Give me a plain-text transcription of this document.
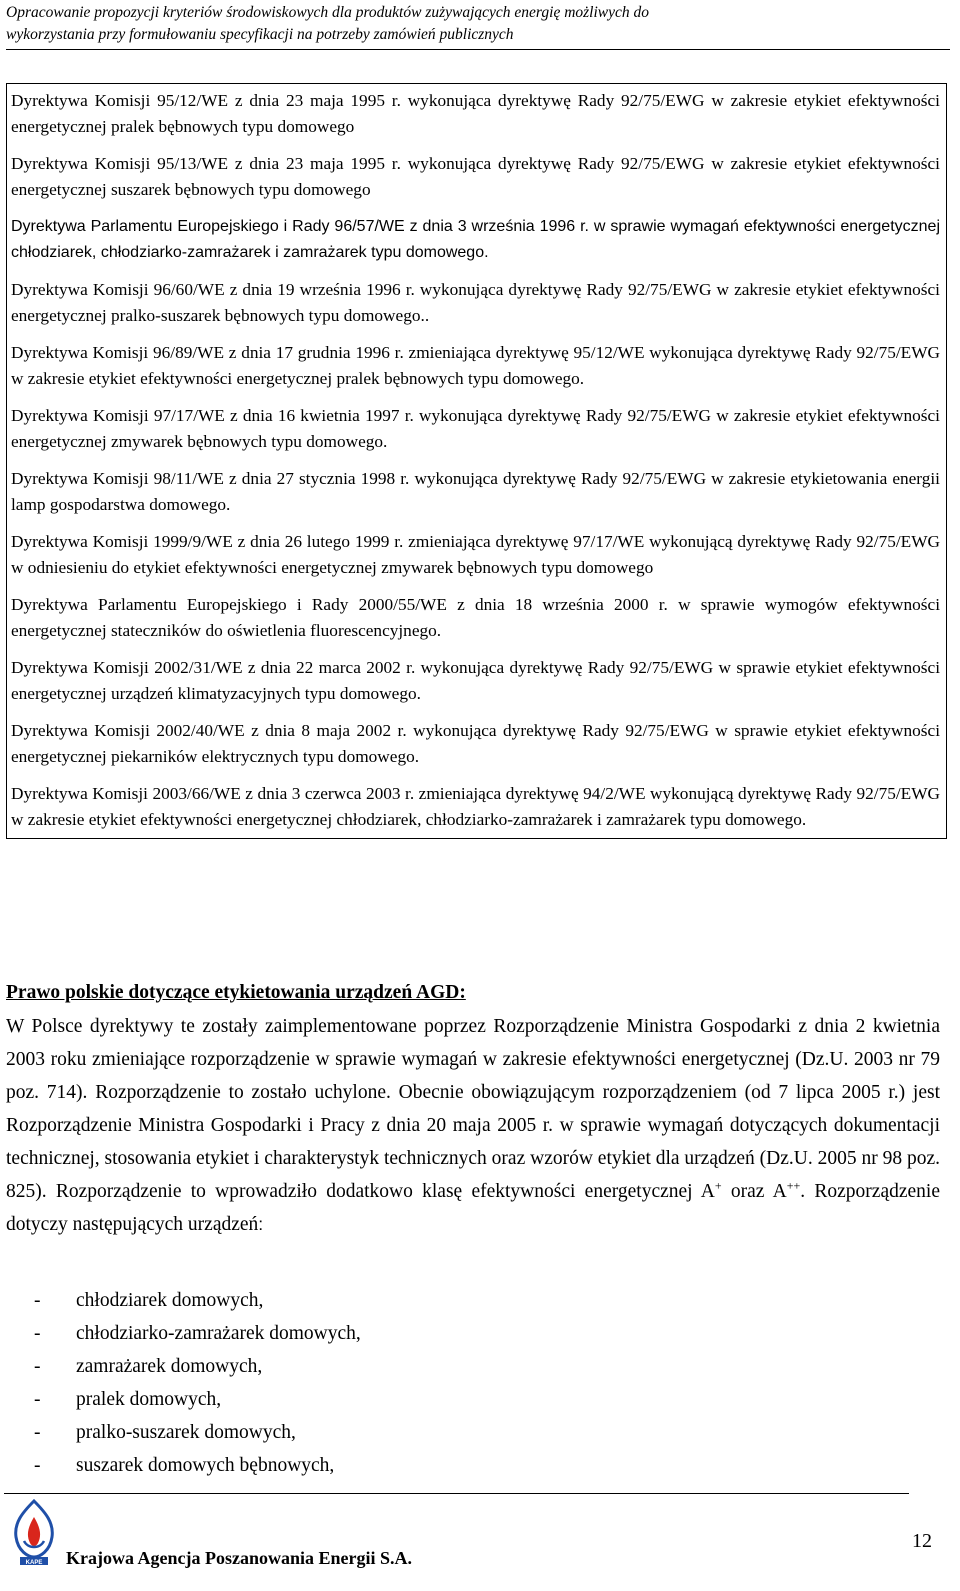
Opracowanie propozycji kryteriów środowiskowych dla produktów zużywających energię możliwych do
wykorzystania przy formułowaniu specyfikacji na potrzeby zamówień publicznych
Dyrektywa Komisji 95/12/WE z dnia 23 maja 1995 r. wykonująca dyrektywę Rady 92/75/EWG w zakresie etykiet efektywności energetycznej pralek bębnowych typu domowego
Dyrektywa Komisji 95/13/WE z dnia 23 maja 1995 r. wykonująca dyrektywę Rady 92/75/EWG w zakresie etykiet efektywności energetycznej suszarek bębnowych typu domowego
Dyrektywa Parlamentu Europejskiego i Rady 96/57/WE z dnia 3 września 1996 r. w sprawie wymagań efektywności energetycznej chłodziarek, chłodziarko-zamrażarek i zamrażarek typu domowego.
Dyrektywa Komisji 96/60/WE z dnia 19 września 1996 r. wykonująca dyrektywę Rady 92/75/EWG w zakresie etykiet efektywności energetycznej pralko-suszarek bębnowych typu domowego..
Dyrektywa Komisji 96/89/WE z dnia 17 grudnia 1996 r. zmieniająca dyrektywę 95/12/WE wykonująca dyrektywę Rady 92/75/EWG w zakresie etykiet efektywności energetycznej pralek bębnowych typu domowego.
Dyrektywa Komisji 97/17/WE z dnia 16 kwietnia 1997 r. wykonująca dyrektywę Rady 92/75/EWG w zakresie etykiet efektywności energetycznej zmywarek bębnowych typu domowego.
Dyrektywa Komisji 98/11/WE z dnia 27 stycznia 1998 r. wykonująca dyrektywę Rady 92/75/EWG w zakresie etykietowania energii lamp gospodarstwa domowego.
Dyrektywa Komisji 1999/9/WE z dnia 26 lutego 1999 r. zmieniająca dyrektywę 97/17/WE wykonującą dyrektywę Rady 92/75/EWG w odniesieniu do etykiet efektywności energetycznej zmywarek bębnowych typu domowego
Dyrektywa Parlamentu Europejskiego i Rady 2000/55/WE z dnia 18 września 2000 r. w sprawie wymogów efektywności energetycznej stateczników do oświetlenia fluorescencyjnego.
Dyrektywa Komisji 2002/31/WE z dnia 22 marca 2002 r. wykonująca dyrektywę Rady 92/75/EWG w sprawie etykiet efektywności energetycznej urządzeń klimatyzacyjnych typu domowego.
Dyrektywa Komisji 2002/40/WE z dnia 8 maja 2002 r. wykonująca dyrektywę Rady 92/75/EWG w sprawie etykiet efektywności energetycznej piekarników elektrycznych typu domowego.
Dyrektywa Komisji 2003/66/WE z dnia 3 czerwca 2003 r. zmieniająca dyrektywę 94/2/WE wykonującą dyrektywę Rady 92/75/EWG w zakresie etykiet efektywności energetycznej chłodziarek, chłodziarko-zamrażarek i zamrażarek typu domowego.
Prawo polskie dotyczące etykietowania urządzeń AGD:
W Polsce dyrektywy te zostały zaimplementowane poprzez Rozporządzenie Ministra Gospodarki z dnia 2 kwietnia 2003 roku zmieniające rozporządzenie w sprawie wymagań w zakresie efektywności energetycznej (Dz.U. 2003 nr 79 poz. 714). Rozporządzenie to zostało uchylone. Obecnie obowiązującym rozporządzeniem (od 7 lipca 2005 r.) jest Rozporządzenie Ministra Gospodarki i Pracy z dnia 20 maja 2005 r. w sprawie wymagań dotyczących dokumentacji technicznej, stosowania etykiet i charakterystyk technicznych oraz wzorów etykiet dla urządzeń (Dz.U. 2005 nr 98 poz. 825). Rozporządzenie to wprowadziło dodatkowo klasę efektywności energetycznej A+ oraz A++. Rozporządzenie dotyczy następujących urządzeń:
- chłodziarek domowych,
- chłodziarko-zamrażarek domowych,
- zamrażarek domowych,
- pralek domowych,
- pralko-suszarek domowych,
- suszarek domowych bębnowych,
KAPE Krajowa Agencja Poszanowania Energii S.A.
12
